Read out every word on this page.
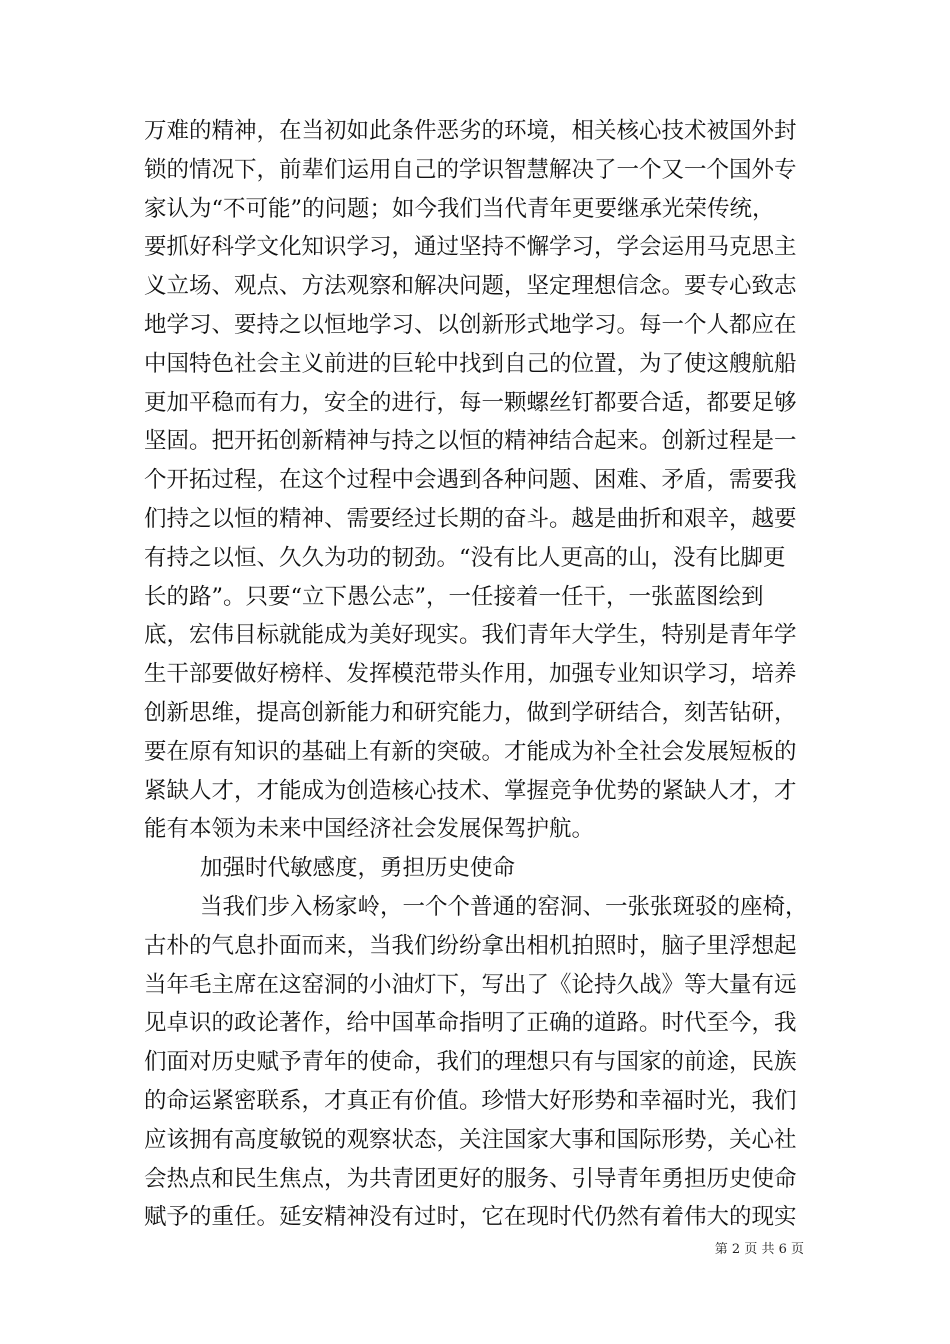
万难的精神，在当初如此条件恶劣的环境，相关核心技术被国外封
锁的情况下，前辈们运用自己的学识智慧解决了一个又一个国外专
家认为“不可能”的问题；如今我们当代青年更要继承光荣传统，
要抓好科学文化知识学习，通过坚持不懈学习，学会运用马克思主
义立场、观点、方法观察和解决问题，坚定理想信念。要专心致志
地学习、要持之以恒地学习、以创新形式地学习。每一个人都应在
中国特色社会主义前进的巨轮中找到自己的位置，为了使这艘航船
更加平稳而有力，安全的进行，每一颗螺丝钉都要合适，都要足够
坚固。把开拓创新精神与持之以恒的精神结合起来。创新过程是一
个开拓过程，在这个过程中会遇到各种问题、困难、矛盾，需要我
们持之以恒的精神、需要经过长期的奋斗。越是曲折和艰辛，越要
有持之以恒、久久为功的韧劲。“没有比人更高的山，没有比脚更
长的路”。只要“立下愚公志”，一任接着一任干，一张蓝图绘到
底，宏伟目标就能成为美好现实。我们青年大学生，特别是青年学
生干部要做好榜样、发挥模范带头作用，加强专业知识学习，培养
创新思维，提高创新能力和研究能力，做到学研结合，刻苦钻研，
要在原有知识的基础上有新的突破。才能成为补全社会发展短板的
紧缺人才，才能成为创造核心技术、掌握竞争优势的紧缺人才，才
能有本领为未来中国经济社会发展保驾护航。
加强时代敏感度，勇担历史使命
当我们步入杨家岭，一个个普通的窑洞、一张张斑驳的座椅，
古朴的气息扑面而来，当我们纷纷拿出相机拍照时，脑子里浮想起
当年毛主席在这窑洞的小油灯下，写出了《论持久战》等大量有远
见卓识的政论著作，给中国革命指明了正确的道路。时代至今，我
们面对历史赋予青年的使命，我们的理想只有与国家的前途，民族
的命运紧密联系，才真正有价值。珍惜大好形势和幸福时光，我们
应该拥有高度敏锐的观察状态，关注国家大事和国际形势，关心社
会热点和民生焦点，为共青团更好的服务、引导青年勇担历史使命
赋予的重任。延安精神没有过时，它在现时代仍然有着伟大的现实
第 2 页 共 6 页
